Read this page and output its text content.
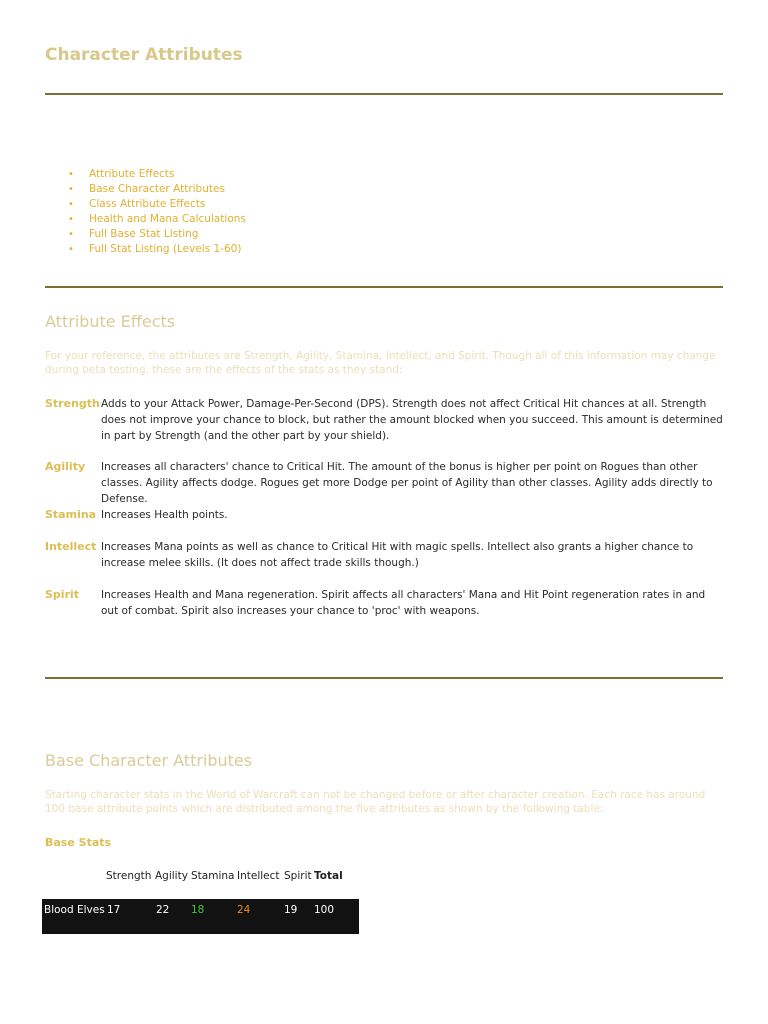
Character Attributes
• Attribute Effects
• Base Character Attributes
• Class Attribute Effects
• Health and Mana Calculations
• Full Base Stat Listing
• Full Stat Listing (Levels 1-60)
Attribute Effects
For your reference, the attributes are Strength, Agility, Stamina, Intellect, and Spirit. Though all of this information may change during beta testing, these are the effects of the stats as they stand:
Strength Adds to your Attack Power, Damage-Per-Second (DPS). Strength does not affect Critical Hit chances at all. Strength does not improve your chance to block, but rather the amount blocked when you succeed. This amount is determined in part by Strength (and the other part by your shield).
Agility Increases all characters' chance to Critical Hit. The amount of the bonus is higher per point on Rogues than other classes. Agility affects dodge. Rogues get more Dodge per point of Agility than other classes. Agility adds directly to Defense.
Stamina Increases Health points.
Intellect Increases Mana points as well as chance to Critical Hit with magic spells. Intellect also grants a higher chance to increase melee skills. (It does not affect trade skills though.)
Spirit Increases Health and Mana regeneration. Spirit affects all characters' Mana and Hit Point regeneration rates in and out of combat. Spirit also increases your chance to 'proc' with weapons.
Base Character Attributes
Starting character stats in the World of Warcraft can not be changed before or after character creation. Each race has around 100 base attribute points which are distributed among the five attributes as shown by the following table:
Base Stats
Strength Agility Stamina Intellect Spirit Total
Blood Elves 17	22 18	24	19 100
